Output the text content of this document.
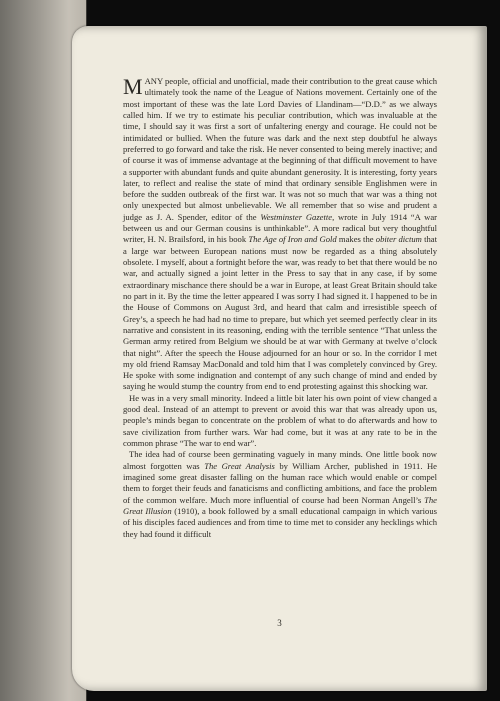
MANY people, official and unofficial, made their contribution to the great cause which ultimately took the name of the League of Nations movement. Certainly one of the most important of these was the late Lord Davies of Llandinam—“D.D.” as we always called him. If we try to estimate his peculiar contribution, which was invaluable at the time, I should say it was first a sort of unfaltering energy and courage. He could not be intimidated or bullied. When the future was dark and the next step doubtful he always preferred to go forward and take the risk. He never consented to being merely inactive; and of course it was of immense advantage at the beginning of that difficult movement to have a supporter with abundant funds and quite abundant generosity. It is interesting, forty years later, to reflect and realise the state of mind that ordinary sensible Englishmen were in before the sudden outbreak of the first war. It was not so much that war was a thing not only unexpected but almost unbelievable. We all remember that so wise and prudent a judge as J. A. Spender, editor of the Westminster Gazette, wrote in July 1914 “A war between us and our German cousins is unthinkable”. A more radical but very thoughtful writer, H. N. Brailsford, in his book The Age of Iron and Gold makes the obiter dictum that a large war between European nations must now be regarded as a thing absolutely obsolete. I myself, about a fortnight before the war, was ready to bet that there would be no war, and actually signed a joint letter in the Press to say that in any case, if by some extraordinary mischance there should be a war in Europe, at least Great Britain should take no part in it. By the time the letter appeared I was sorry I had signed it. I happened to be in the House of Commons on August 3rd, and heard that calm and irresistible speech of Grey’s, a speech he had had no time to prepare, but which yet seemed perfectly clear in its narrative and consistent in its reasoning, ending with the terrible sentence “That unless the German army retired from Belgium we should be at war with Germany at twelve o’clock that night”. After the speech the House adjourned for an hour or so. In the corridor I met my old friend Ramsay MacDonald and told him that I was completely convinced by Grey. He spoke with some indignation and contempt of any such change of mind and ended by saying he would stump the country from end to end protesting against this shocking war.

He was in a very small minority. Indeed a little bit later his own point of view changed a good deal. Instead of an attempt to prevent or avoid this war that was already upon us, people’s minds began to concentrate on the problem of what to do afterwards and how to save civilization from further wars. War had come, but it was at any rate to be in the common phrase “The war to end war”.

The idea had of course been germinating vaguely in many minds. One little book now almost forgotten was The Great Analysis by William Archer, published in 1911. He imagined some great disaster falling on the human race which would enable or compel them to forget their feuds and fanaticisms and conflicting ambitions, and face the problem of the common welfare. Much more influential of course had been Norman Angell’s The Great Illusion (1910), a book followed by a small educational campaign in which various of his disciples faced audiences and from time to time met to consider any hecklings which they had found it difficult

3
